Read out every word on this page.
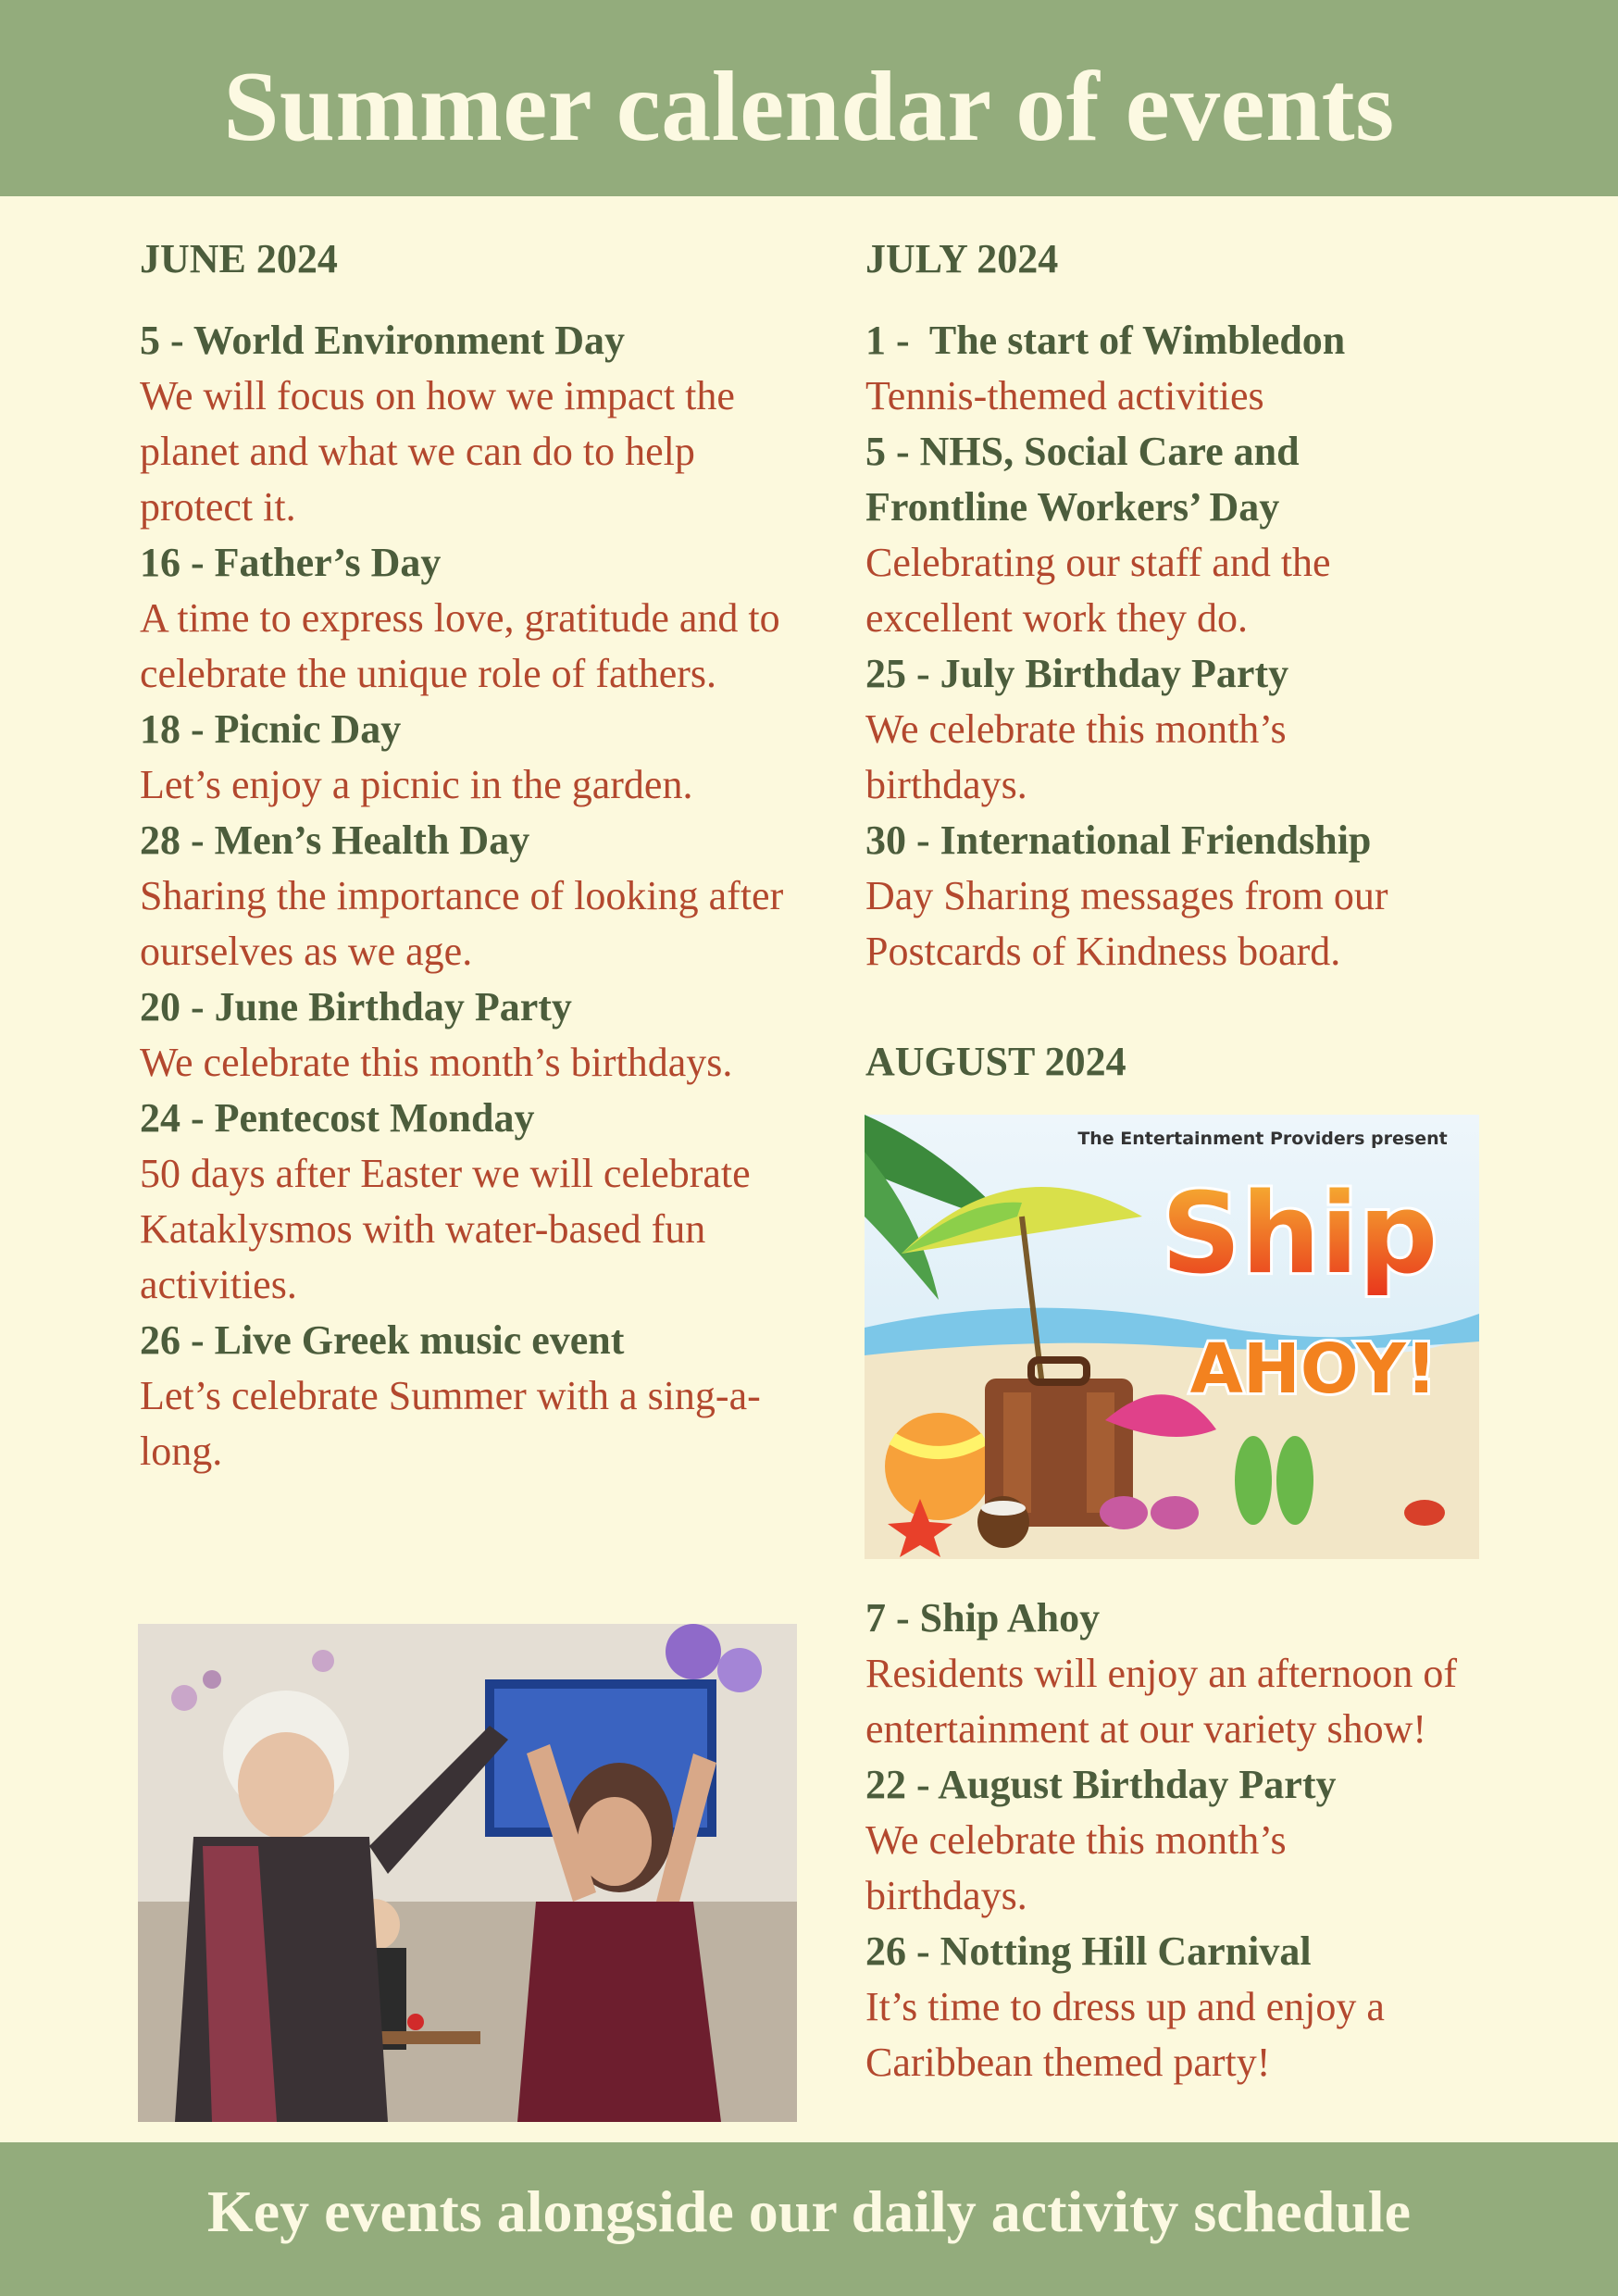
Summer calendar of events
JUNE 2024
5 - World Environment Day
We will focus on how we impact the planet and what we can do to help protect it.
16 - Father’s Day
A time to express love, gratitude and to celebrate the unique role of fathers.
18 - Picnic Day
Let’s enjoy a picnic in the garden.
28 - Men’s Health Day
Sharing the importance of looking after ourselves as we age.
20 - June Birthday Party
We celebrate this month’s birthdays.
24 - Pentecost Monday
50 days after Easter we will celebrate Kataklysmos with water-based fun activities.
26 - Live Greek music event
Let’s celebrate Summer with a sing-a-long.
JULY 2024
1 -  The start of Wimbledon
Tennis-themed activities
5 - NHS, Social Care and Frontline Workers’ Day
Celebrating our staff and the excellent work they do.
25 - July Birthday Party
We celebrate this month’s birthdays.
30 - International Friendship
Day Sharing messages from our Postcards of Kindness board.
AUGUST 2024
The Entertainment Providers present
Ship
AHOY!
7 - Ship Ahoy
Residents will enjoy an afternoon of entertainment at our variety show!
22 - August Birthday Party
We celebrate this month’s birthdays.
26 - Notting Hill Carnival
It’s time to dress up and enjoy a Caribbean themed party!
Key events alongside our daily activity schedule
